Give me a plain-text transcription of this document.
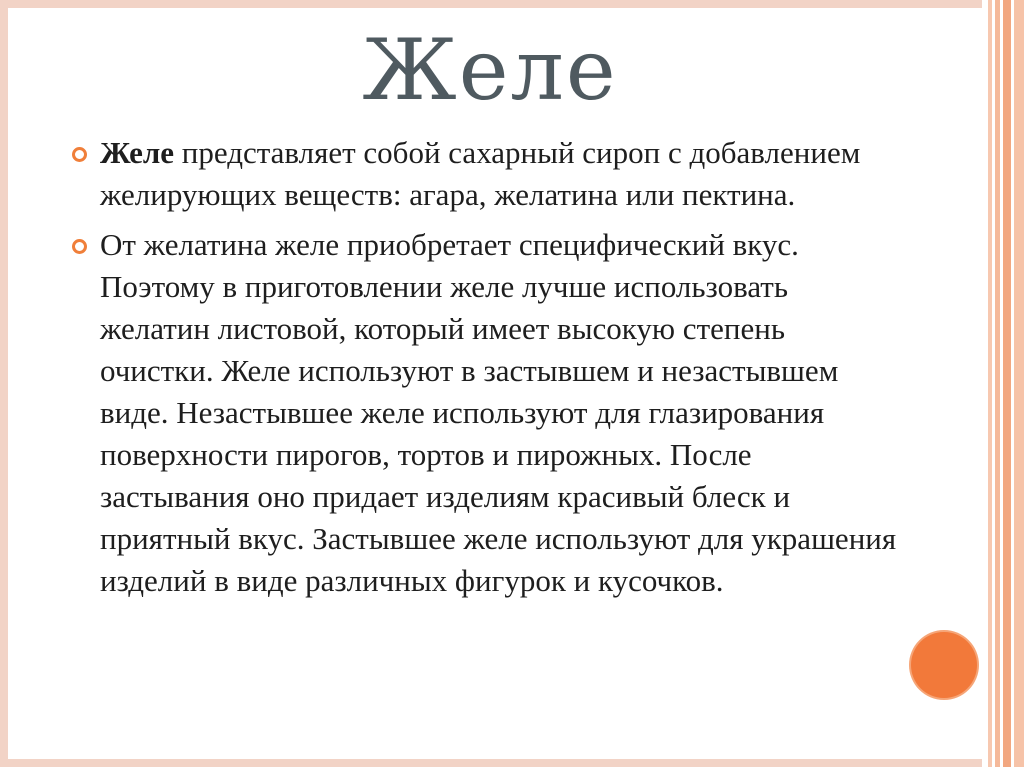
Желе
Желе представляет собой сахарный сироп с добавлением желирующих веществ: агара, желатина или пектина.
От желатина желе приобретает специфический вкус. Поэтому в приготовлении желе лучше использовать желатин листовой, который имеет высокую степень очистки. Желе используют в застывшем и незастывшем виде. Незастывшее желе используют для глазирования поверхности пирогов, тортов и пирожных. После застывания оно придает изделиям красивый блеск и приятный вкус. Застывшее желе используют для украшения изделий в виде различных фигурок и кусочков.
